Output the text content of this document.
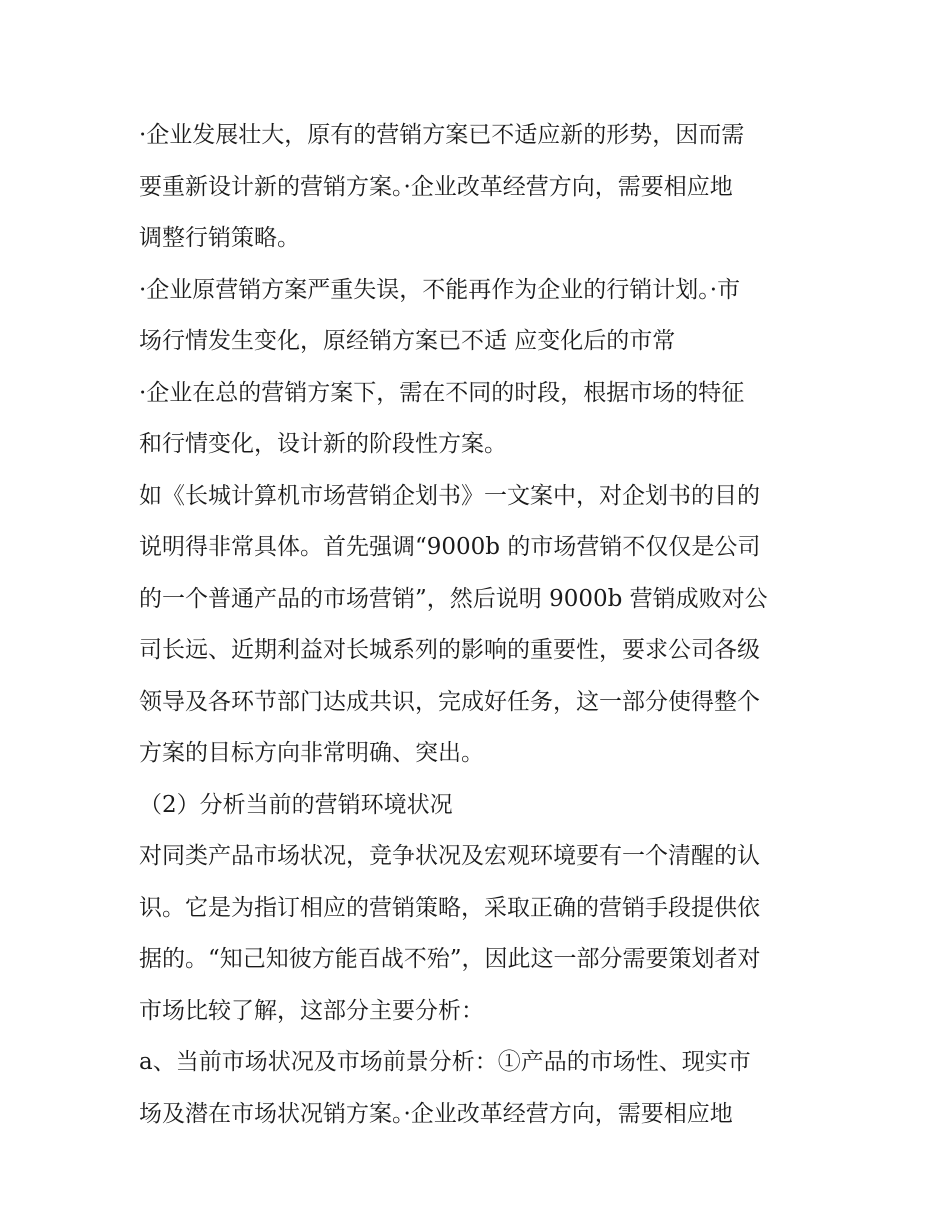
·企业发展壮大，原有的营销方案已不适应新的形势，因而需
要重新设计新的营销方案。·企业改革经营方向，需要相应地
调整行销策略。
·企业原营销方案严重失误，不能再作为企业的行销计划。·市
场行情发生变化，原经销方案已不适 应变化后的市常
·企业在总的营销方案下，需在不同的时段，根据市场的特征
和行情变化，设计新的阶段性方案。
如《长城计算机市场营销企划书》一文案中，对企划书的目的
说明得非常具体。首先强调“9000b 的市场营销不仅仅是公司
的一个普通产品的市场营销”，然后说明 9000b 营销成败对公
司长远、近期利益对长城系列的影响的重要性，要求公司各级
领导及各环节部门达成共识，完成好任务，这一部分使得整个
方案的目标方向非常明确、突出。
（2）分析当前的营销环境状况
对同类产品市场状况，竞争状况及宏观环境要有一个清醒的认
识。它是为指订相应的营销策略，采取正确的营销手段提供依
据的。“知己知彼方能百战不殆”，因此这一部分需要策划者对
市场比较了解，这部分主要分析：
a、当前市场状况及市场前景分析：①产品的市场性、现实市
场及潜在市场状况销方案。·企业改革经营方向，需要相应地
